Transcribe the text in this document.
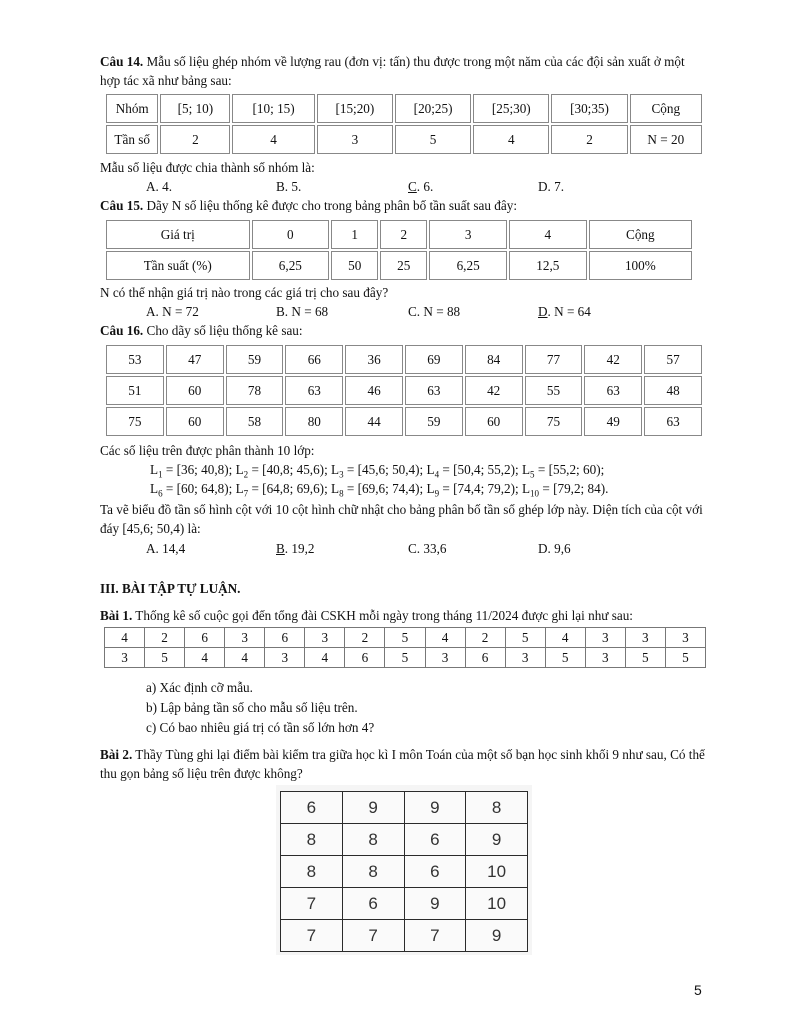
Câu 14. Mẫu số liệu ghép nhóm về lượng rau (đơn vị: tấn) thu được trong một năm của các đội sản xuất ở một hợp tác xã như bảng sau:
Nhóm	[5; 10)	[10; 15)	[15;20)	[20;25)	[25;30)	[30;35)	Cộng
Tần số	2	4	3	5	4	2	N = 20
Mẫu số liệu được chia thành số nhóm là:
A. 4.	B. 5.	C. 6.	D. 7.
Câu 15. Dãy N số liệu thống kê được cho trong bảng phân bố tần suất sau đây:
Giá trị	0	1	2	3	4	Cộng
Tần suất (%)	6,25	50	25	6,25	12,5	100%
N có thể nhận giá trị nào trong các giá trị cho sau đây?
A. N = 72	B. N = 68	C. N = 88	D. N = 64
Câu 16. Cho dãy số liệu thống kê sau:
53	47	59	66	36	69	84	77	42	57
51	60	78	63	46	63	42	55	63	48
75	60	58	80	44	59	60	75	49	63
Các số liệu trên được phân thành 10 lớp:
$L_1 = [36$; 40,8); $L_2 = [40,8$; 45,6); $L_3 = [45,6$; 50,4); $L_4 = [50,4$; 55,2); $L_5 = [55,2$; 60);
$L_6 = [60$; 64,8); $L_7 = [64,8$; 69,6); $L_8 = [69,6$; 74,4); $L_9 = [74,4$; 79,2); $L_{10} = [79,2$; 84).
Ta vẽ biểu đồ tần số hình cột với 10 cột hình chữ nhật cho bảng phân bố tần số ghép lớp này. Diện tích của cột với đáy [45,6; 50,4) là:
A. 14,4	B. 19,2	C. 33,6	D. 9,6
III. BÀI TẬP TỰ LUẬN.
Bài 1. Thống kê số cuộc gọi đến tổng đài CSKH mỗi ngày trong tháng 11/2024 được ghi lại như sau:
4	2	6	3	6	3	2	5	4	2	5	4	3	3	3
3	5	4	4	3	4	6	5	3	6	3	5	3	5	5
a) Xác định cỡ mẫu.
b) Lập bảng tần số cho mẫu số liệu trên.
c) Có bao nhiêu giá trị có tần số lớn hơn 4?
Bài 2. Thầy Tùng ghi lại điểm bài kiểm tra giữa học kì I môn Toán của một số bạn học sinh khối 9 như sau, Có thể thu gọn bảng số liệu trên được không?
6	9	9	8
8	8	6	9
8	8	6	10
7	6	9	10
7	7	7	9
5
